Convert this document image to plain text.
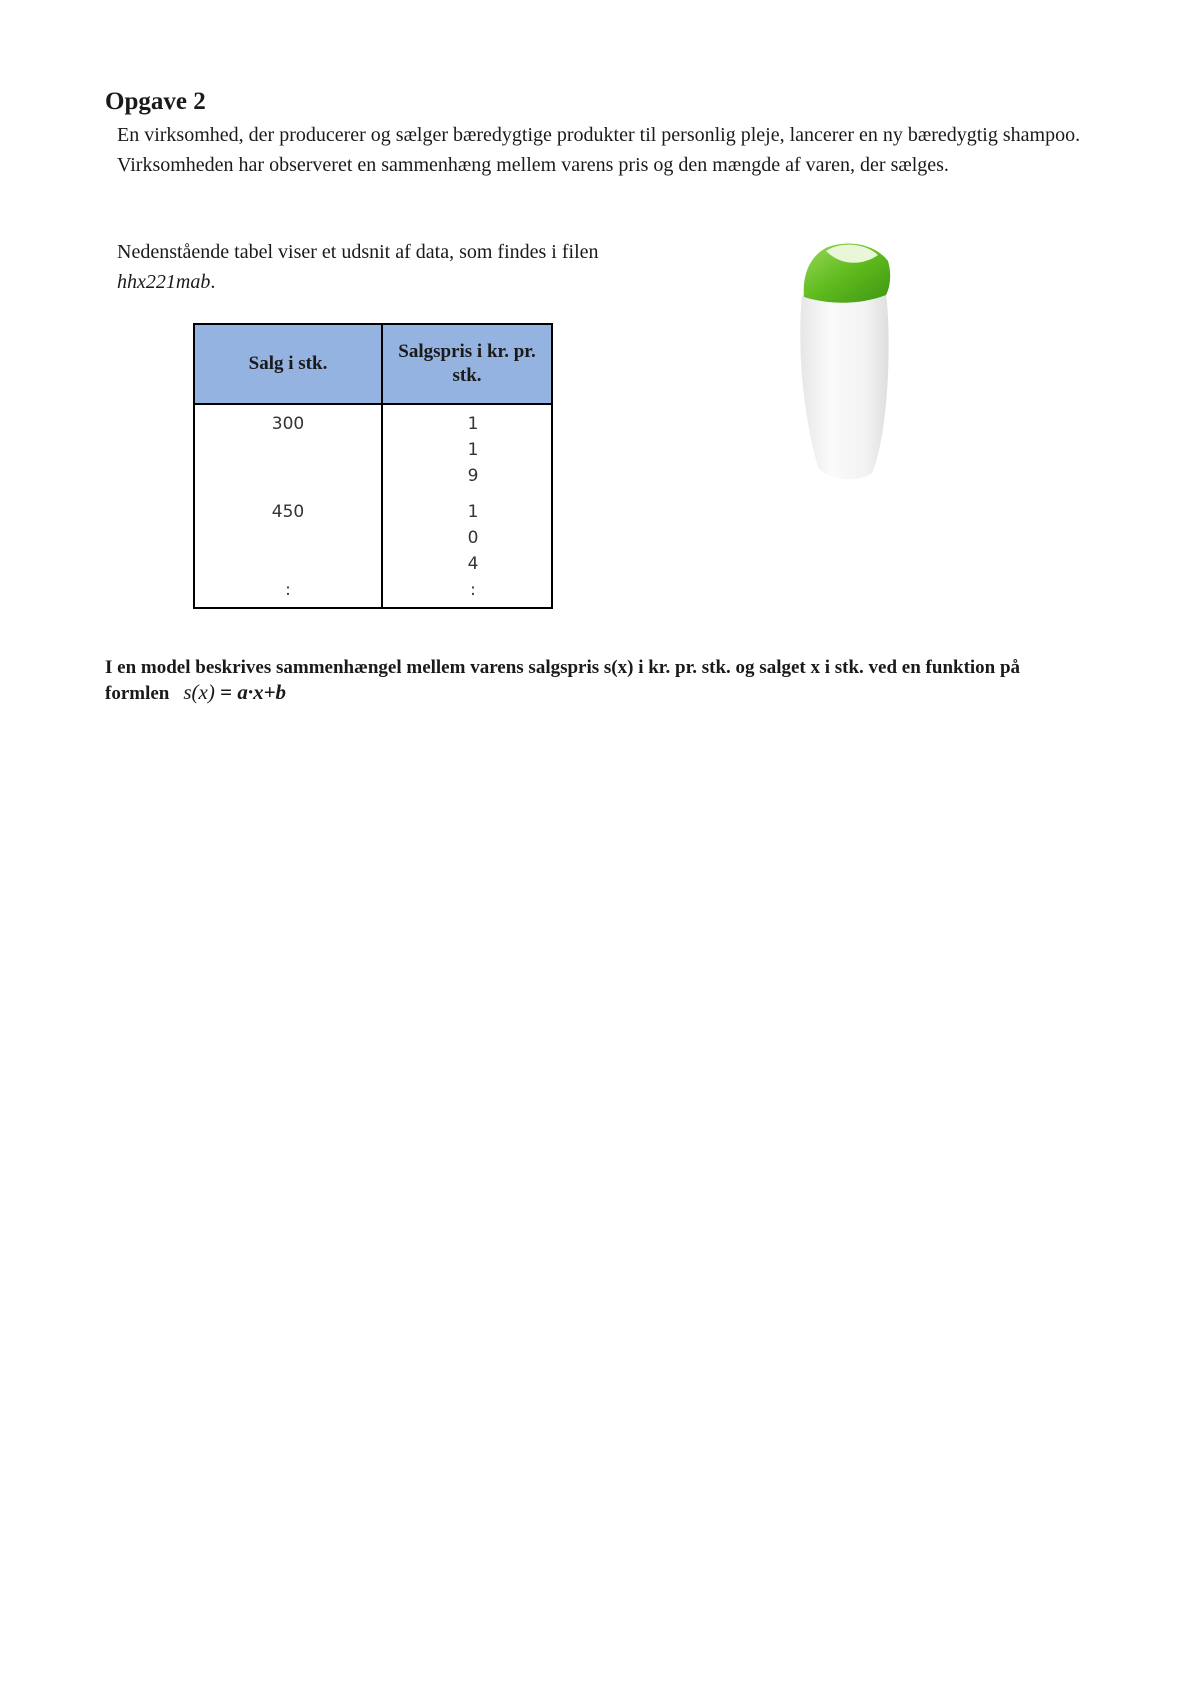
Opgave 2

En virksomhed, der producerer og sælger bæredygtige produkter til personlig pleje, lancerer en ny bæredygtig shampoo. Virksomheden har observeret en sammenhæng mellem varens pris og den mængde af varen, der sælges.

Nedenstående tabel viser et udsnit af data, som findes i filen hhx221mab.

Salg i stk.	Salgspris i kr. pr. stk.
300	1
1
9

450	1
0
4

:	:

I en model beskrives sammenhængel mellem varens salgspris s(x) i kr. pr. stk. og salget x i stk. ved en funktion på formlen s(x) = a·x+b
